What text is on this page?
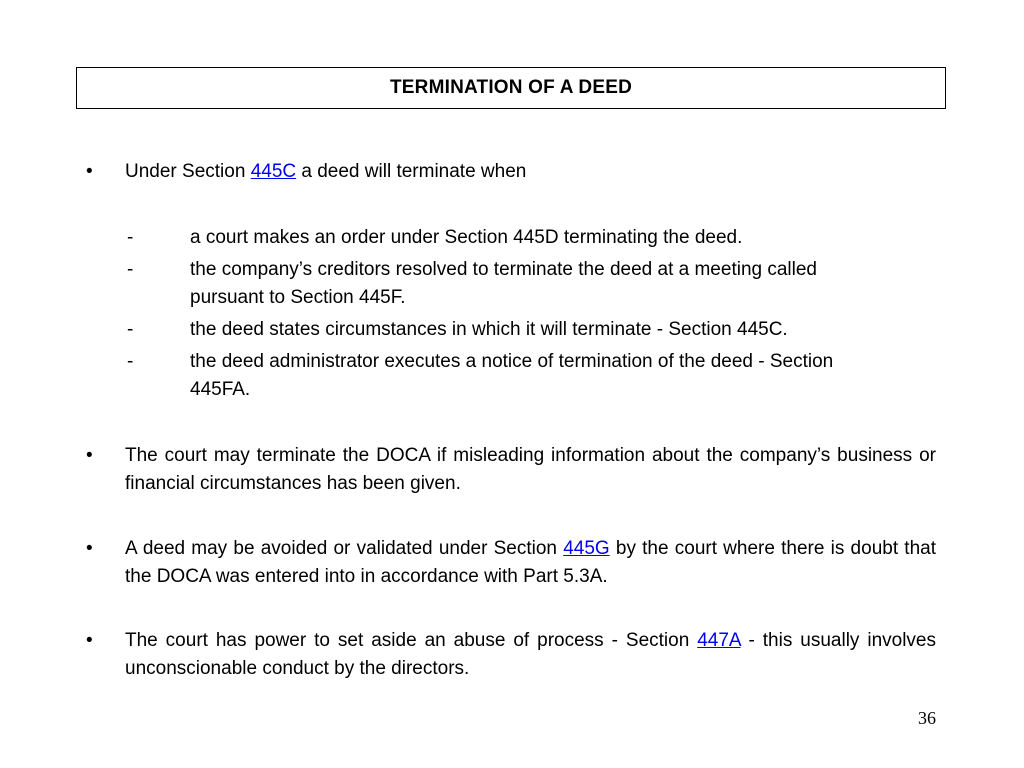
TERMINATION OF A DEED
• Under Section 445C a deed will terminate when
-	a court makes an order under Section 445D terminating the deed.
-	the company’s creditors resolved to terminate the deed at a meeting called pursuant to Section 445F.
-	the deed states circumstances in which it will terminate - Section 445C.
-	the deed administrator executes a notice of termination of the deed - Section 445FA.
• The court may terminate the DOCA if misleading information about the company’s business or financial circumstances has been given.
• A deed may be avoided or validated under Section 445G by the court where there is doubt that the DOCA was entered into in accordance with Part 5.3A.
• The court has power to set aside an abuse of process - Section 447A - this usually involves unconscionable conduct by the directors.
36
